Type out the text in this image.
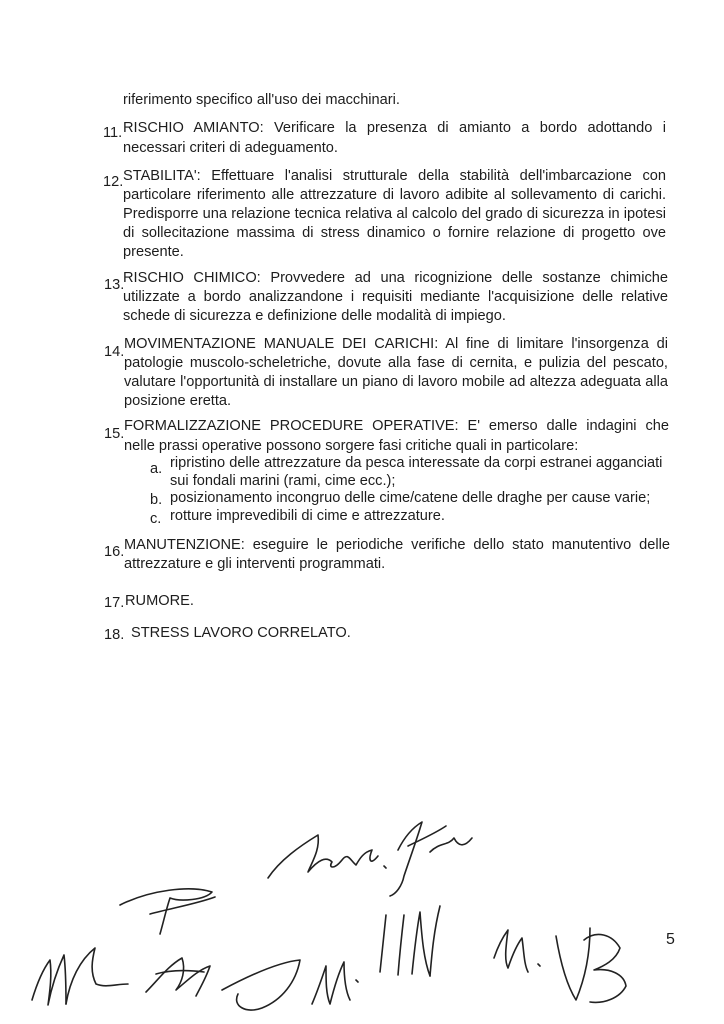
riferimento specifico all'uso dei macchinari.
11. RISCHIO AMIANTO: Verificare la presenza di amianto a bordo adottando i
necessari criteri di adeguamento.
12. STABILITA': Effettuare l'analisi strutturale della stabilità dell'imbarcazione con
particolare riferimento alle attrezzature di lavoro adibite al sollevamento di carichi.
Predisporre una relazione tecnica relativa al calcolo del grado di sicurezza in ipotesi
di sollecitazione massima di stress dinamico o fornire relazione di progetto ove
presente.
13.
RISCHIO CHIMICO: Provvedere ad una ricognizione delle sostanze chimiche
utilizzate a bordo analizzandone i requisiti mediante l'acquisizione delle relative
schede di sicurezza e definizione delle modalità di impiego.
14. MOVIMENTAZIONE MANUALE DEI CARICHI: Al fine di limitare l'insorgenza di
patologie muscolo-scheletriche, dovute alla fase di cernita, e pulizia del pescato,
valutare l'opportunità di installare un piano di lavoro mobile ad altezza adeguata alla
posizione eretta.
15. FORMALIZZAZIONE PROCEDURE OPERATIVE: E' emerso dalle indagini che
nelle prassi operative possono sorgere fasi critiche quali in particolare:
a. ripristino delle attrezzature da pesca interessate da corpi estranei agganciati
sui fondali marini (rami, cime ecc.);
b. posizionamento incongruo delle cime/catene delle draghe per cause varie;
c. rotture imprevedibili di cime e attrezzature.
16. MANUTENZIONE: eseguire le periodiche verifiche dello stato manutentivo delle
attrezzature e gli interventi programmati.
17. RUMORE.
18. STRESS LAVORO CORRELATO.
5
